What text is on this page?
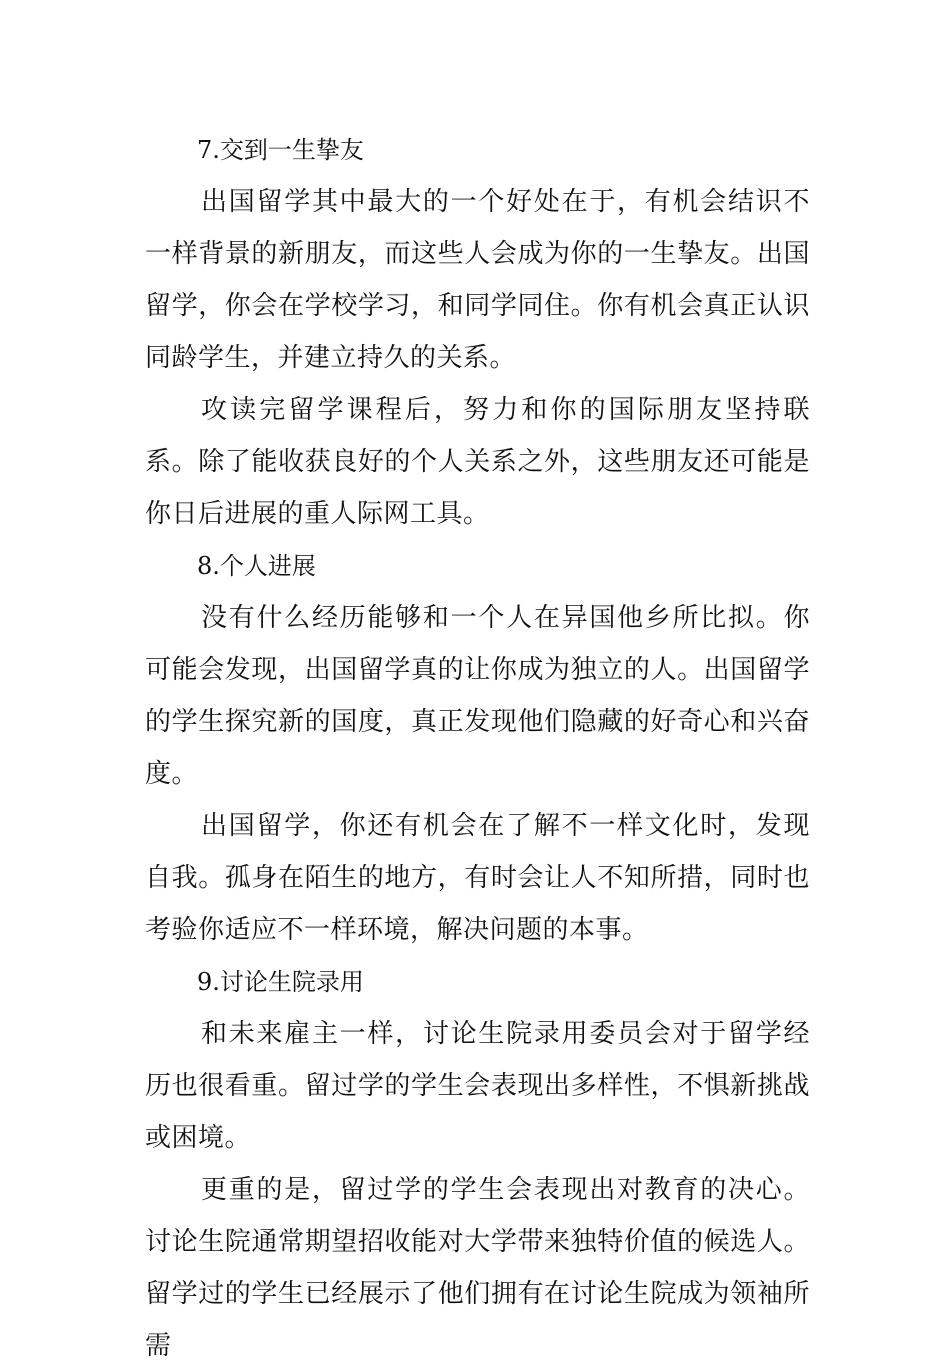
7.交到一生挚友

出国留学其中最大的一个好处在于，有机会结识不一样背景的新朋友，而这些人会成为你的一生挚友。出国留学，你会在学校学习，和同学同住。你有机会真正认识同龄学生，并建立持久的关系。

攻读完留学课程后，努力和你的国际朋友坚持联系。除了能收获良好的个人关系之外，这些朋友还可能是你日后进展的重人际网工具。

8.个人进展

没有什么经历能够和一个人在异国他乡所比拟。你可能会发现，出国留学真的让你成为独立的人。出国留学的学生探究新的国度，真正发现他们隐藏的好奇心和兴奋度。

出国留学，你还有机会在了解不一样文化时，发现自我。孤身在陌生的地方，有时会让人不知所措，同时也考验你适应不一样环境，解决问题的本事。

9.讨论生院录用

和未来雇主一样，讨论生院录用委员会对于留学经历也很看重。留过学的学生会表现出多样性，不惧新挑战或困境。

更重的是，留过学的学生会表现出对教育的决心。讨论生院通常期望招收能对大学带来独特价值的候选人。留学过的学生已经展示了他们拥有在讨论生院成为领袖所需
